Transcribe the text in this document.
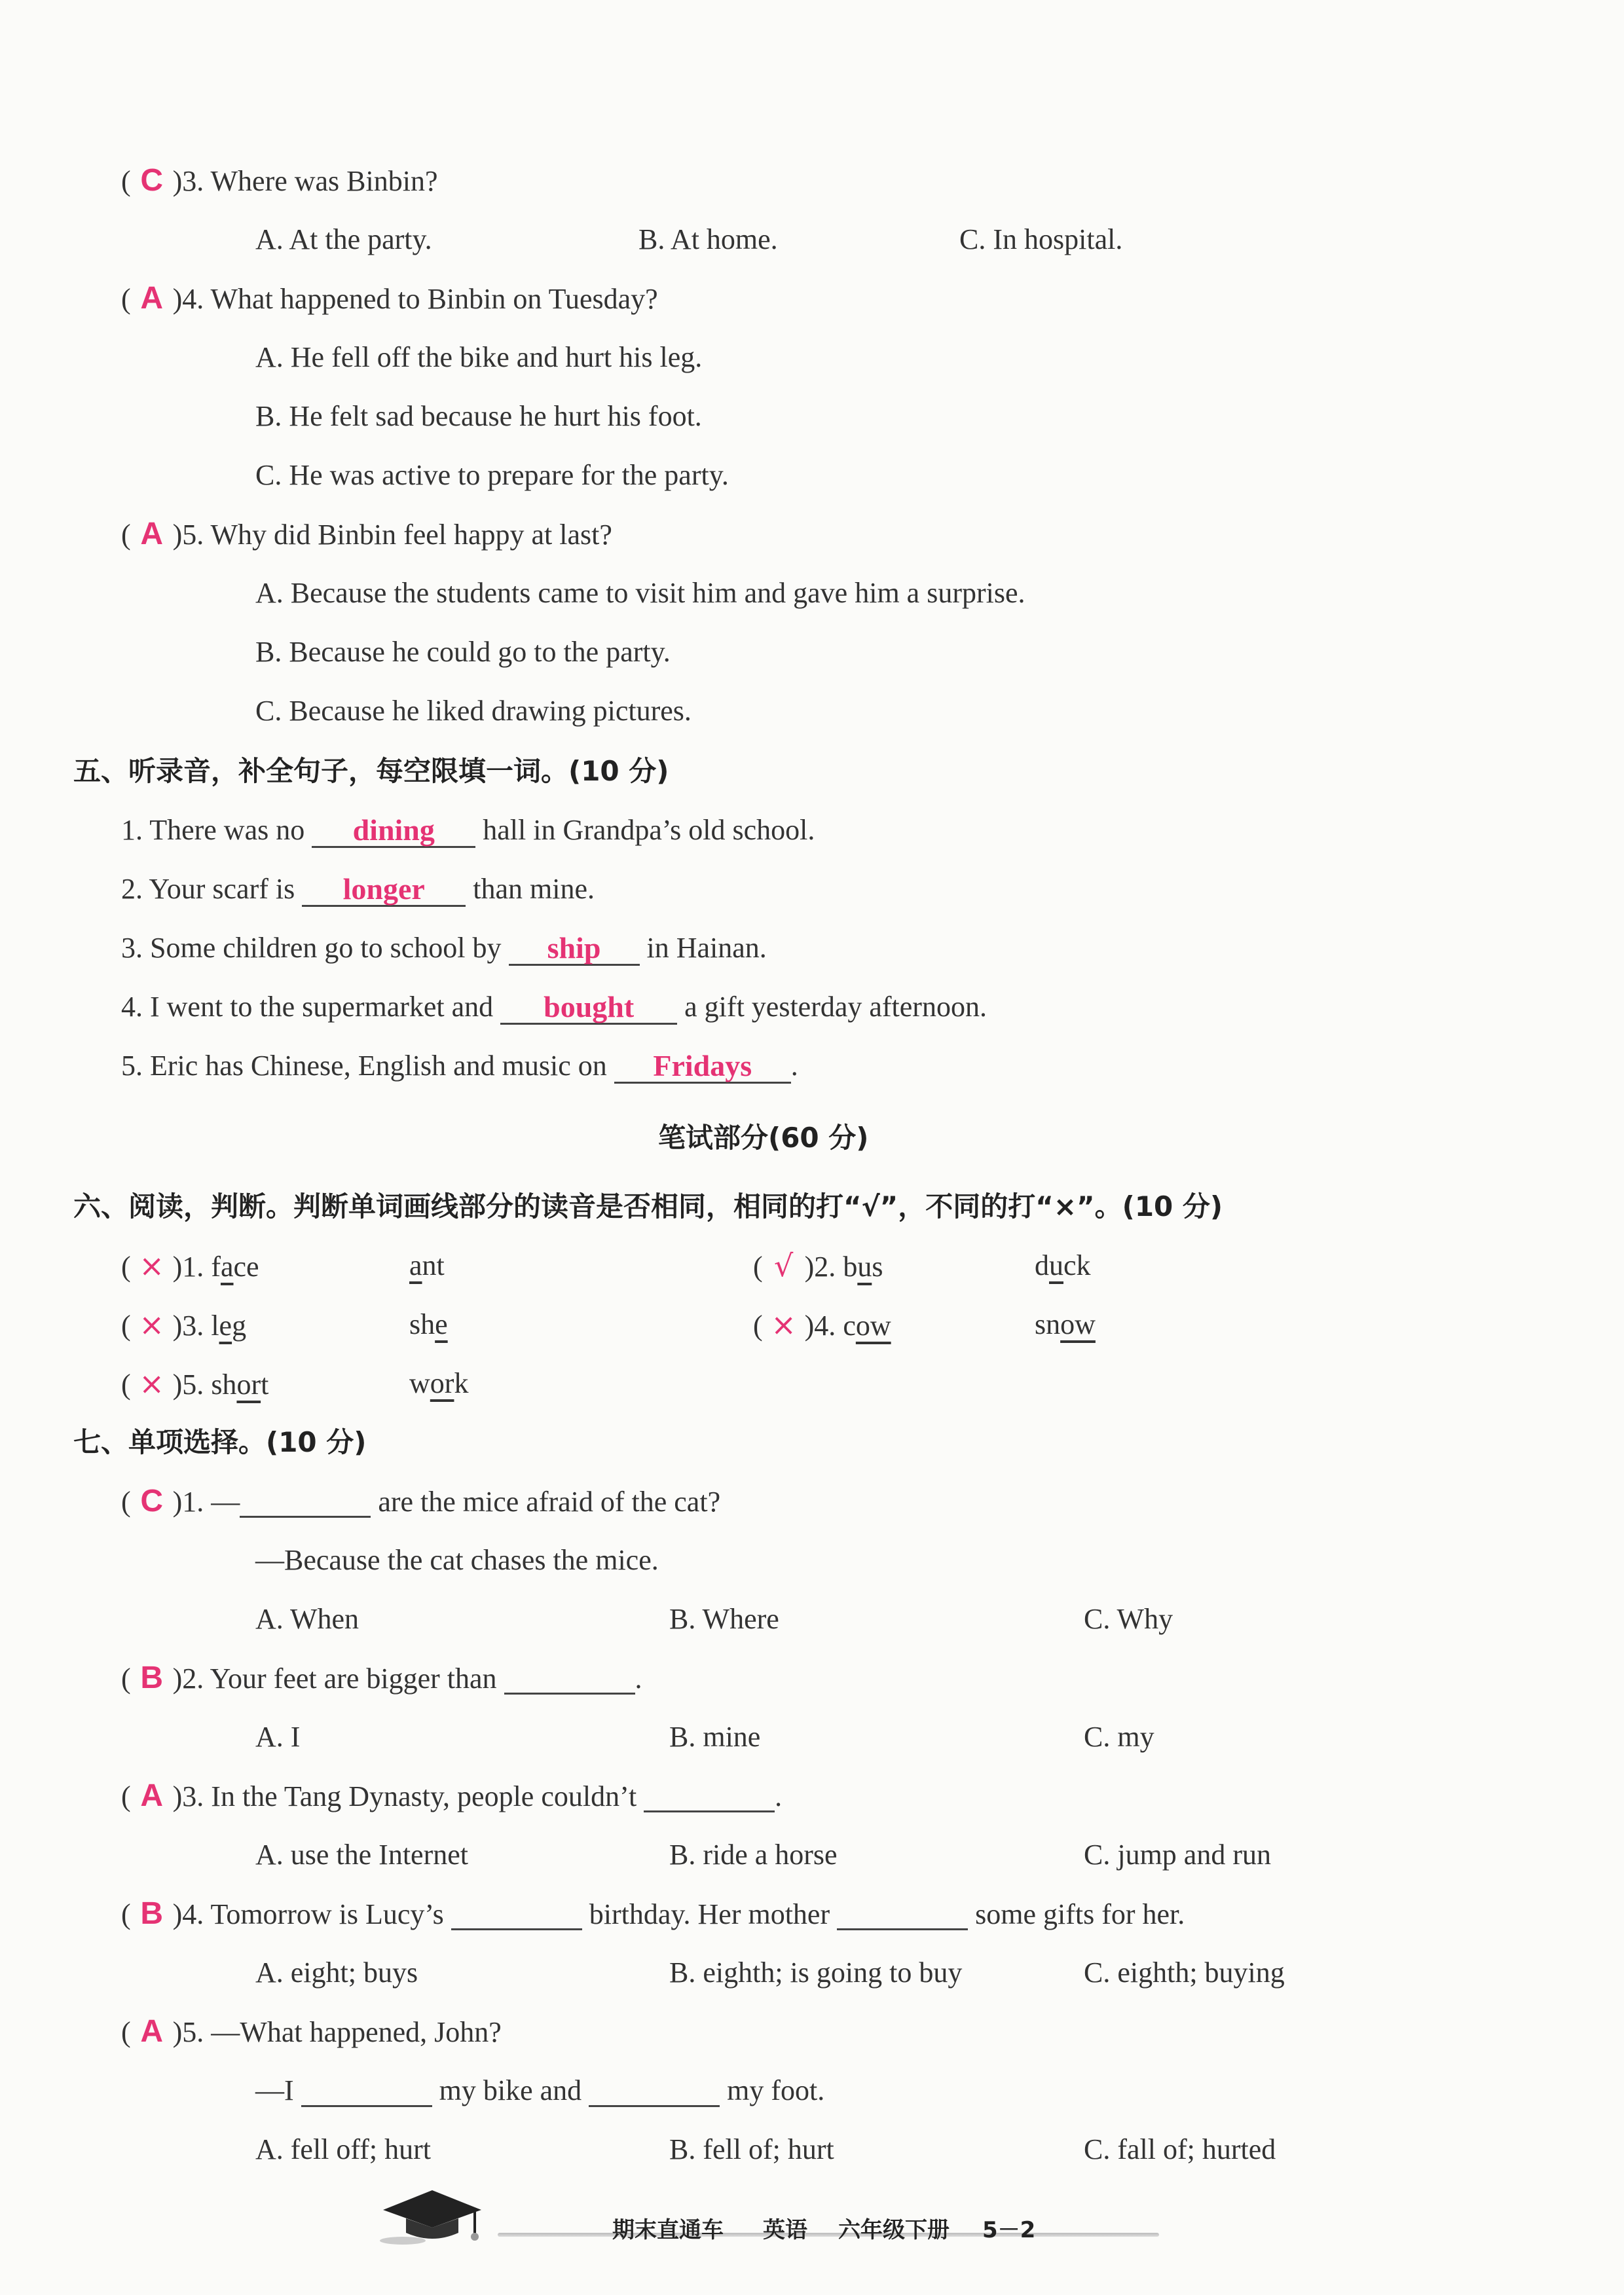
( C )3. Where was Binbin?
A. At the party.	B. At home.	C. In hospital.
( A )4. What happened to Binbin on Tuesday?
A. He fell off the bike and hurt his leg.
B. He felt sad because he hurt his foot.
C. He was active to prepare for the party.
( A )5. Why did Binbin feel happy at last?
A. Because the students came to visit him and gave him a surprise.
B. Because he could go to the party.
C. Because he liked drawing pictures.
五、听录音，补全句子，每空限填一词。(10 分)
1. There was no dining hall in Grandpa’s old school.
2. Your scarf is longer than mine.
3. Some children go to school by ship in Hainan.
4. I went to the supermarket and bought a gift yesterday afternoon.
5. Eric has Chinese, English and music on Fridays .
笔试部分(60 分)
六、阅读，判断。判断单词画线部分的读音是否相同，相同的打“√”，不同的打“×”。(10 分)
( × )1. face	ant	( √ )2. bus	duck
( × )3. leg	she	( × )4. cow	snow
( × )5. short	work
七、单项选择。(10 分)
( C )1. —	are the mice afraid of the cat?
—Because the cat chases the mice.
A. When	B. Where	C. Why
( B )2. Your feet are bigger than	.
A. I	B. mine	C. my
( A )3. In the Tang Dynasty, people couldn’t	.
A. use the Internet	B. ride a horse	C. jump and run
( B )4. Tomorrow is Lucy’s	birthday. Her mother	some gifts for her.
A. eight; buys	B. eighth; is going to buy	C. eighth; buying
( A )5. —What happened, John?
—I	my bike and	my foot.
A. fell off; hurt	B. fell of; hurt	C. fall of; hurted
期末直通车 英语 六年级下册 5－2
